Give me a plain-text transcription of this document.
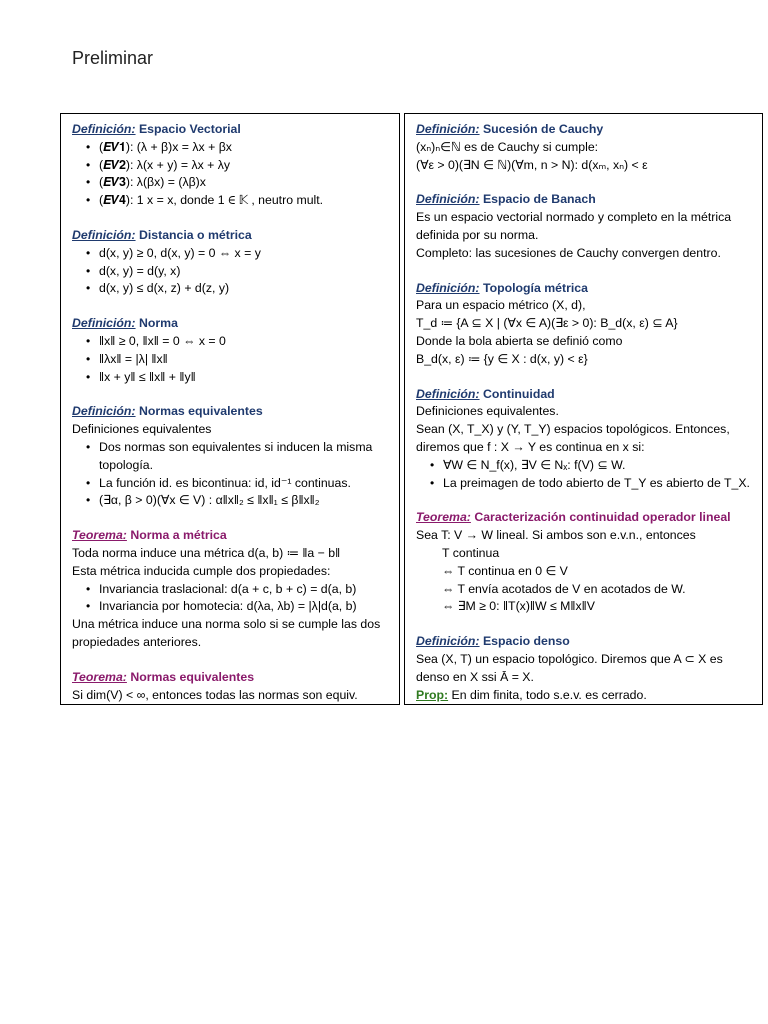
Preliminar
Definición: Espacio Vectorial
• (𝑬𝑽𝟏): (λ + β)x = λx + βx
• (𝑬𝑽𝟐): λ(x + y) = λx + λy
• (𝑬𝑽𝟑): λ(βx) = (λβ)x
• (𝑬𝑽𝟒): 1 x = x, donde 1 ∈ 𝕂 , neutro mult.
Definición: Distancia o métrica
• d(x, y) ≥ 0, d(x, y) = 0 ⇔ x = y
• d(x, y) = d(y, x)
• d(x, y) ≤ d(x, z) + d(z, y)
Definición: Norma
• ‖x‖ ≥ 0, ‖x‖ = 0 ⇔ x = 0
• ‖λx‖ = |λ| ‖x‖
• ‖x + y‖ ≤ ‖x‖ + ‖y‖
Definición: Normas equivalentes
Definiciones equivalentes
• Dos normas son equivalentes si inducen la misma topología.
• La función id. es bicontinua: id, id⁻¹ continuas.
• (∃α, β > 0)(∀x ∈ V) : α‖x‖₂ ≤ ‖x‖₁ ≤ β‖x‖₂
Teorema: Norma a métrica
Toda norma induce una métrica d(a, b) ≔ ‖a − b‖
Esta métrica inducida cumple dos propiedades:
• Invariancia traslacional: d(a + c, b + c) = d(a, b)
• Invariancia por homotecia: d(λa, λb) = |λ|d(a, b)
Una métrica induce una norma solo si se cumple las dos propiedades anteriores.
Teorema: Normas equivalentes
Si dim(V) < ∞, entonces todas las normas son equiv.
Definición: Sucesión de Cauchy
(xₙ)ₙ∈ℕ es de Cauchy si cumple:
(∀ε > 0)(∃N ∈ ℕ)(∀m, n > N): d(xₘ, xₙ) < ε
Definición: Espacio de Banach
Es un espacio vectorial normado y completo en la métrica definida por su norma.
Completo: las sucesiones de Cauchy convergen dentro.
Definición: Topología métrica
Para un espacio métrico (X, d),
T_d ≔ {A ⊆ X | (∀x ∈ A)(∃ε > 0): B_d(x, ε) ⊆ A}
Donde la bola abierta se definió como
B_d(x, ε) ≔ {y ∈ X : d(x, y) < ε}
Definición: Continuidad
Definiciones equivalentes.
Sean (X, T_X) y (Y, T_Y) espacios topológicos. Entonces, diremos que f : X → Y es continua en x si:
• ∀W ∈ N_f(x), ∃V ∈ Nₓ: f(V) ⊆ W.
• La preimagen de todo abierto de T_Y es abierto de T_X.
Teorema: Caracterización continuidad operador lineal
Sea T: V → W lineal. Si ambos son e.v.n., entonces
T continua
⇔ T continua en 0 ∈ V
⇔ T envía acotados de V en acotados de W.
⇔ ∃M ≥ 0: ‖T(x)‖W ≤ M‖x‖V
Definición: Espacio denso
Sea (X, T) un espacio topológico. Diremos que A ⊂ X es denso en X ssi Ā = X.
Prop: En dim finita, todo s.e.v. es cerrado.
